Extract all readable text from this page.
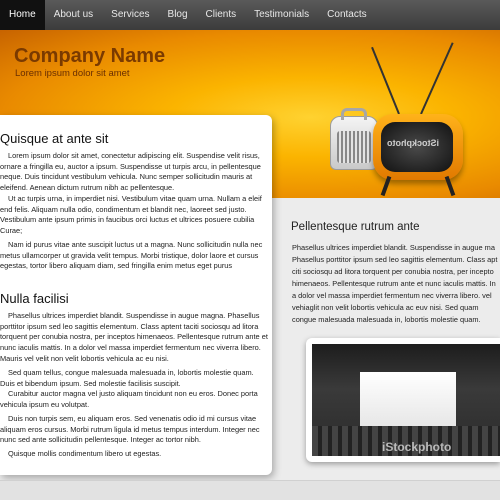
Home	About us	Services	Blog	Clients	Testimonials	Contacts
Company Name
Lorem ipsum dolor sit amet
iStockphoto
Quisque at ante sit

Lorem ipsum dolor sit amet, conectetur adipiscing elit. Suspendise velit risus, ornare a fringilla eu, auctor a ipsum. Suspendisse ut turpis arcu, in pellentesque neque. Duis tincidunt vestibulum vehicula. Nunc semper sollicitudin mauris at eleifend. Aenean dictum rutrum nibh ac pellentesque.

Ut ac turpis urna, in imperdiet nisi. Vestibulum vitae quam urna. Nullam a eleif end felis. Aliquam nulla odio, condimentum et blandit nec, laoreet sed justo. Vestibulum ante ipsum primis in faucibus orci luctus et ultrices posuere cubilia Curae;

Nam id purus vitae ante suscipit luctus ut a magna. Nunc sollicitudin nulla nec metus ullamcorper ut gravida velit tempus. Morbi tristique, dolor laore et cursus egestas, tortor libero aliquam diam, sed fringilla enim metus eget purus

Nulla facilisi

Phasellus ultrices imperdiet blandit. Suspendisse in augue magna. Phasellus porttitor ipsum sed leo sagittis elementum. Class aptent taciti sociosqu ad litora torquent per conubia nostra, per inceptos himenaeos. Pellentesque rutrum ante et nunc iaculis mattis. In a dolor vel massa imperdiet fermentum nec viverra libero. Mauris vel velit non velit lobortis vehicula ac eu nisi.

Sed quam tellus, congue malesuada malesuada in, lobortis molestie quam. Duis et bibendum ipsum. Sed molestie facilisis suscipit.

Curabitur auctor magna vel justo aliquam tincidunt non eu eros. Donec porta vehicula ipsum eu volutpat.

Duis non turpis sem, eu aliquam eros. Sed venenatis odio id mi cursus vitae aliquam eros cursus. Morbi rutrum ligula id metus tempus interdum. Integer nec nunc sed ante sollicitudin pellentesque. Integer ac tortor nibh.

Quisque mollis condimentum libero ut egestas.

Pellentesque rutrum ante
Phasellus ultrices imperdiet blandit. Suspendisse in augue ma Phasellus porttitor ipsum sed leo sagittis elementum. Class apt citi sociosqu ad litora torquent per conubia nostra, per incepto himenaeos. Pellentesque rutrum ante et nunc iaculis mattis. In a dolor vel massa imperdiet fermentum nec viverra libero. vel vehiaglit non velit lobortis vehicula ac euv nisi. Sed quam congue malesuada malesuada in, lobortis molestie quam.
iStockphoto
